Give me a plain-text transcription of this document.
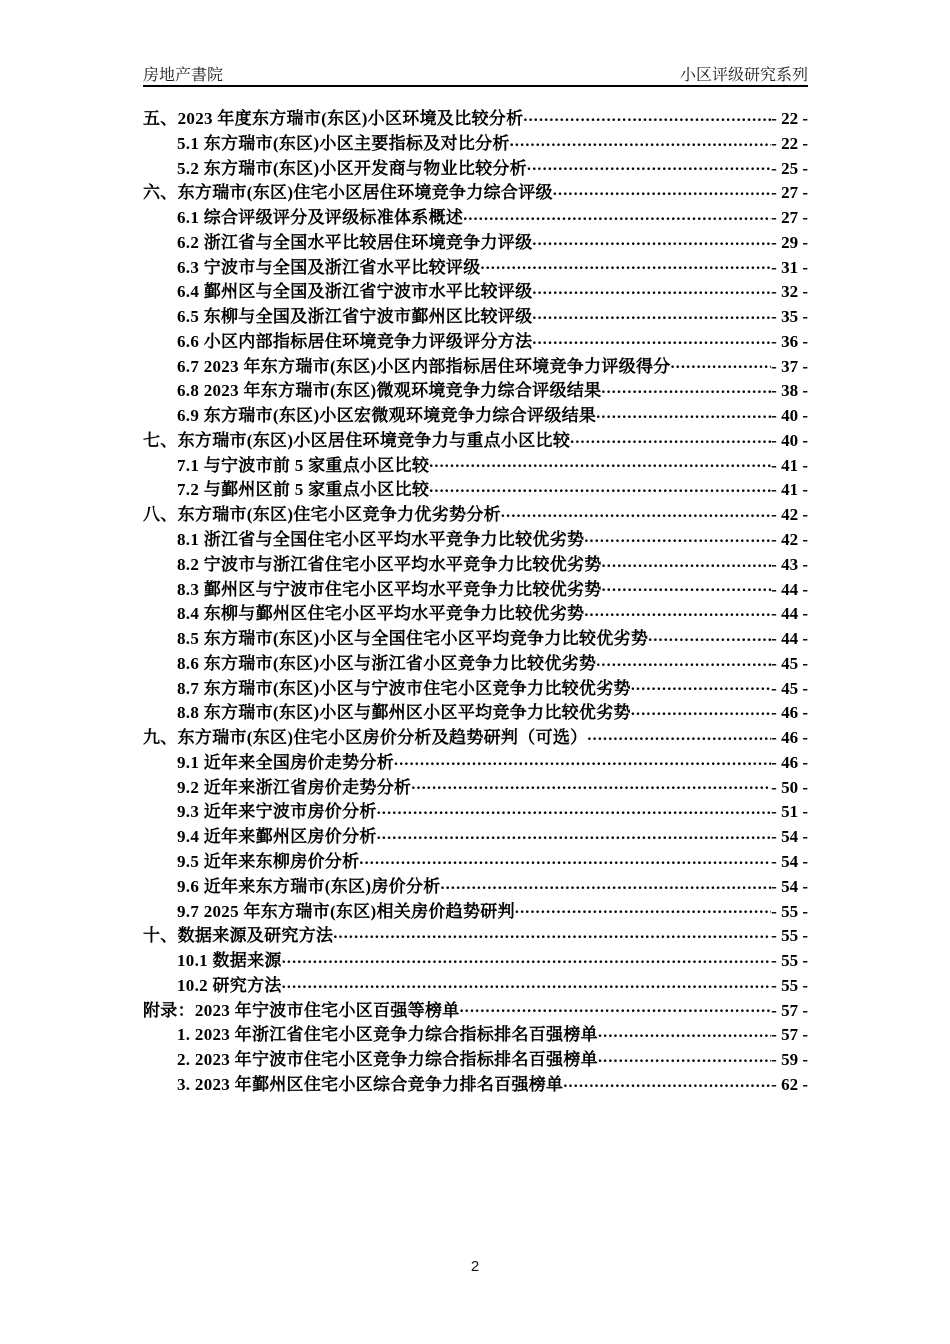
房地产書院	小区评级研究系列
五、2023 年度东方瑞市(东区)小区环境及比较分析 .....	- 22 -
5.1 东方瑞市(东区)小区主要指标及对比分析 .....	- 22 -
5.2 东方瑞市(东区)小区开发商与物业比较分析 .....	- 25 -
六、东方瑞市(东区)住宅小区居住环境竞争力综合评级 .....	- 27 -
6.1 综合评级评分及评级标准体系概述 .....	- 27 -
6.2 浙江省与全国水平比较居住环境竞争力评级 .....	- 29 -
6.3 宁波市与全国及浙江省水平比较评级 .....	- 31 -
6.4 鄞州区与全国及浙江省宁波市水平比较评级 .....	- 32 -
6.5 东柳与全国及浙江省宁波市鄞州区比较评级 .....	- 35 -
6.6 小区内部指标居住环境竞争力评级评分方法 .....	- 36 -
6.7 2023 年东方瑞市(东区)小区内部指标居住环境竞争力评级得分 .....	- 37 -
6.8 2023 年东方瑞市(东区)微观环境竞争力综合评级结果 .....	- 38 -
6.9 东方瑞市(东区)小区宏微观环境竞争力综合评级结果 .....	- 40 -
七、东方瑞市(东区)小区居住环境竞争力与重点小区比较 .....	- 40 -
7.1 与宁波市前 5 家重点小区比较 .....	- 41 -
7.2 与鄞州区前 5 家重点小区比较 .....	- 41 -
八、东方瑞市(东区)住宅小区竞争力优劣势分析 .....	- 42 -
8.1 浙江省与全国住宅小区平均水平竞争力比较优劣势 .....	- 42 -
8.2 宁波市与浙江省住宅小区平均水平竞争力比较优劣势 .....	- 43 -
8.3 鄞州区与宁波市住宅小区平均水平竞争力比较优劣势 .....	- 44 -
8.4 东柳与鄞州区住宅小区平均水平竞争力比较优劣势 .....	- 44 -
8.5 东方瑞市(东区)小区与全国住宅小区平均竞争力比较优劣势 .....	- 44 -
8.6 东方瑞市(东区)小区与浙江省小区竞争力比较优劣势 .....	- 45 -
8.7 东方瑞市(东区)小区与宁波市住宅小区竞争力比较优劣势 .....	- 45 -
8.8 东方瑞市(东区)小区与鄞州区小区平均竞争力比较优劣势 .....	- 46 -
九、东方瑞市(东区)住宅小区房价分析及趋势研判（可选） .....	- 46 -
9.1 近年来全国房价走势分析 .....	- 46 -
9.2 近年来浙江省房价走势分析 .....	- 50 -
9.3 近年来宁波市房价分析 .....	- 51 -
9.4 近年来鄞州区房价分析 .....	- 54 -
9.5 近年来东柳房价分析 .....	- 54 -
9.6 近年来东方瑞市(东区)房价分析 .....	- 54 -
9.7 2025 年东方瑞市(东区)相关房价趋势研判 .....	- 55 -
十、数据来源及研究方法 .....	- 55 -
10.1 数据来源 .....	- 55 -
10.2 研究方法 .....	- 55 -
附录：2023 年宁波市住宅小区百强等榜单 .....	- 57 -
1. 2023 年浙江省住宅小区竞争力综合指标排名百强榜单 .....	- 57 -
2. 2023 年宁波市住宅小区竞争力综合指标排名百强榜单 .....	- 59 -
3. 2023 年鄞州区住宅小区综合竞争力排名百强榜单 .....	- 62 -
2
